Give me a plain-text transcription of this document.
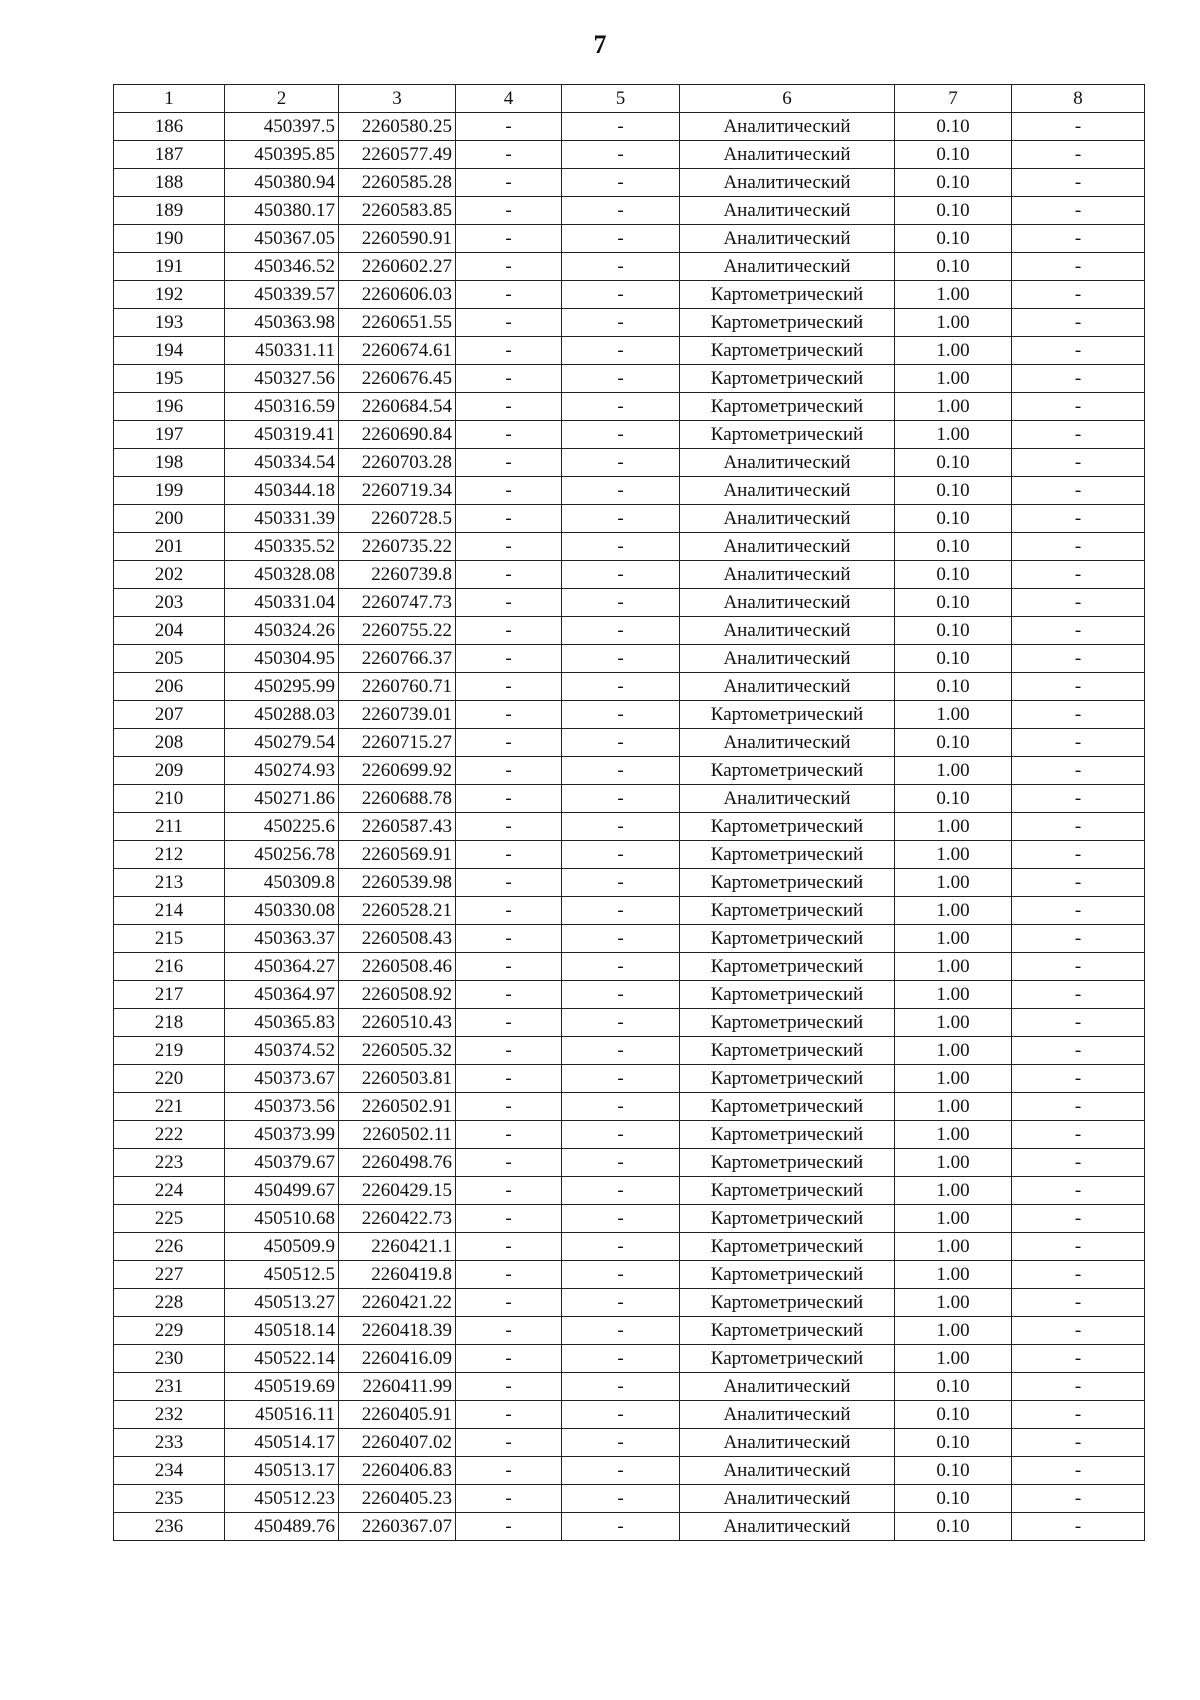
7
1	2	3	4	5	6	7	8
186	450397.5	2260580.25	-	-	Аналитический	0.10	-
187	450395.85	2260577.49	-	-	Аналитический	0.10	-
188	450380.94	2260585.28	-	-	Аналитический	0.10	-
189	450380.17	2260583.85	-	-	Аналитический	0.10	-
190	450367.05	2260590.91	-	-	Аналитический	0.10	-
191	450346.52	2260602.27	-	-	Аналитический	0.10	-
192	450339.57	2260606.03	-	-	Картометрический	1.00	-
193	450363.98	2260651.55	-	-	Картометрический	1.00	-
194	450331.11	2260674.61	-	-	Картометрический	1.00	-
195	450327.56	2260676.45	-	-	Картометрический	1.00	-
196	450316.59	2260684.54	-	-	Картометрический	1.00	-
197	450319.41	2260690.84	-	-	Картометрический	1.00	-
198	450334.54	2260703.28	-	-	Аналитический	0.10	-
199	450344.18	2260719.34	-	-	Аналитический	0.10	-
200	450331.39	2260728.5	-	-	Аналитический	0.10	-
201	450335.52	2260735.22	-	-	Аналитический	0.10	-
202	450328.08	2260739.8	-	-	Аналитический	0.10	-
203	450331.04	2260747.73	-	-	Аналитический	0.10	-
204	450324.26	2260755.22	-	-	Аналитический	0.10	-
205	450304.95	2260766.37	-	-	Аналитический	0.10	-
206	450295.99	2260760.71	-	-	Аналитический	0.10	-
207	450288.03	2260739.01	-	-	Картометрический	1.00	-
208	450279.54	2260715.27	-	-	Аналитический	0.10	-
209	450274.93	2260699.92	-	-	Картометрический	1.00	-
210	450271.86	2260688.78	-	-	Аналитический	0.10	-
211	450225.6	2260587.43	-	-	Картометрический	1.00	-
212	450256.78	2260569.91	-	-	Картометрический	1.00	-
213	450309.8	2260539.98	-	-	Картометрический	1.00	-
214	450330.08	2260528.21	-	-	Картометрический	1.00	-
215	450363.37	2260508.43	-	-	Картометрический	1.00	-
216	450364.27	2260508.46	-	-	Картометрический	1.00	-
217	450364.97	2260508.92	-	-	Картометрический	1.00	-
218	450365.83	2260510.43	-	-	Картометрический	1.00	-
219	450374.52	2260505.32	-	-	Картометрический	1.00	-
220	450373.67	2260503.81	-	-	Картометрический	1.00	-
221	450373.56	2260502.91	-	-	Картометрический	1.00	-
222	450373.99	2260502.11	-	-	Картометрический	1.00	-
223	450379.67	2260498.76	-	-	Картометрический	1.00	-
224	450499.67	2260429.15	-	-	Картометрический	1.00	-
225	450510.68	2260422.73	-	-	Картометрический	1.00	-
226	450509.9	2260421.1	-	-	Картометрический	1.00	-
227	450512.5	2260419.8	-	-	Картометрический	1.00	-
228	450513.27	2260421.22	-	-	Картометрический	1.00	-
229	450518.14	2260418.39	-	-	Картометрический	1.00	-
230	450522.14	2260416.09	-	-	Картометрический	1.00	-
231	450519.69	2260411.99	-	-	Аналитический	0.10	-
232	450516.11	2260405.91	-	-	Аналитический	0.10	-
233	450514.17	2260407.02	-	-	Аналитический	0.10	-
234	450513.17	2260406.83	-	-	Аналитический	0.10	-
235	450512.23	2260405.23	-	-	Аналитический	0.10	-
236	450489.76	2260367.07	-	-	Аналитический	0.10	-
